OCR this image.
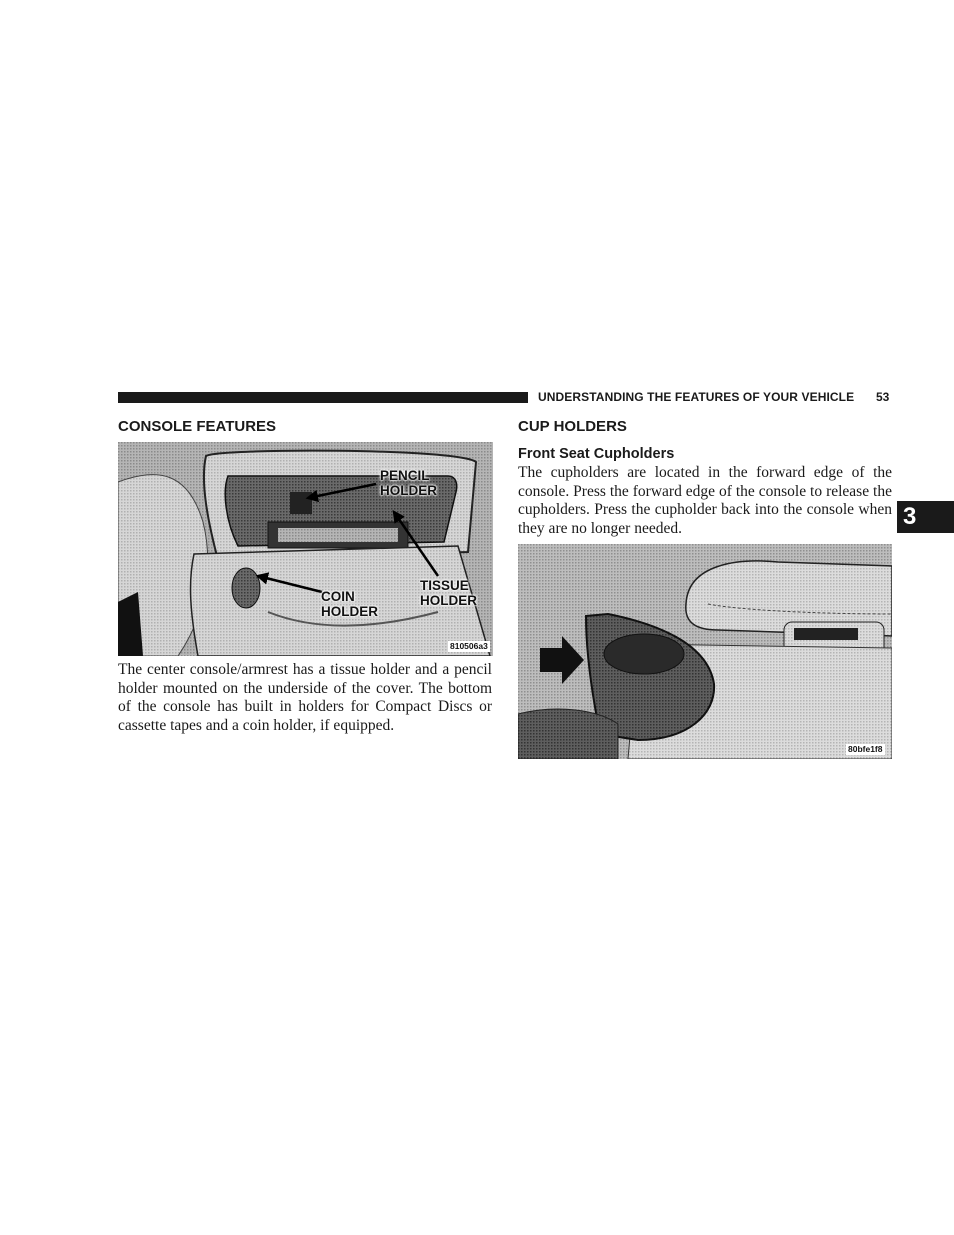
UNDERSTANDING THE FEATURES OF YOUR VEHICLE	53
3
CONSOLE FEATURES
PENCIL
HOLDER
TISSUE
HOLDER
COIN
HOLDER
810506a3
The center console/armrest has a tissue holder and a pencil holder mounted on the underside of the cover. The bottom of the console has built in holders for Compact Discs or cassette tapes and a coin holder, if equipped.
CUP HOLDERS
Front Seat Cupholders
The cupholders are located in the forward edge of the console. Press the forward edge of the console to release the cupholders. Press the cupholder back into the console when they are no longer needed.
80bfe1f8
